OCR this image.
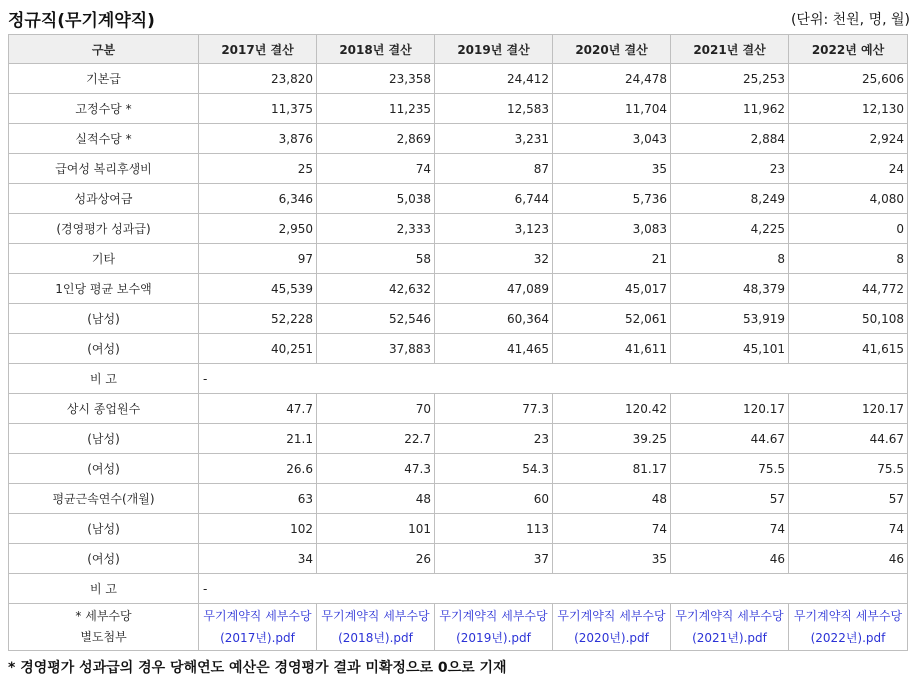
정규직(무기계약직)	(단위: 천원, 명, 월)
구분	2017년 결산	2018년 결산	2019년 결산	2020년 결산	2021년 결산	2022년 예산
기본급	23,820	23,358	24,412	24,478	25,253	25,606
고정수당 *	11,375	11,235	12,583	11,704	11,962	12,130
실적수당 *	3,876	2,869	3,231	3,043	2,884	2,924
급여성 복리후생비	25	74	87	35	23	24
성과상여금	6,346	5,038	6,744	5,736	8,249	4,080
(경영평가 성과급)	2,950	2,333	3,123	3,083	4,225	0
기타	97	58	32	21	8	8
1인당 평균 보수액	45,539	42,632	47,089	45,017	48,379	44,772
(남성)	52,228	52,546	60,364	52,061	53,919	50,108
(여성)	40,251	37,883	41,465	41,611	45,101	41,615
비 고	-					
상시 종업원수	47.7	70	77.3	120.42	120.17	120.17
(남성)	21.1	22.7	23	39.25	44.67	44.67
(여성)	26.6	47.3	54.3	81.17	75.5	75.5
평균근속연수(개월)	63	48	60	48	57	57
(남성)	102	101	113	74	74	74
(여성)	34	26	37	35	46	46
비 고	-					

* 세부수당
별도첨부	무기계약직 세부수당(2017년).pdf	무기계약직 세부수당(2018년).pdf	무기계약직 세부수당(2019년).pdf	무기계약직 세부수당(2020년).pdf	무기계약직 세부수당(2021년).pdf	무기계약직 세부수당(2022년).pdf
* 경영평가 성과급의 경우 당해연도 예산은 경영평가 결과 미확정으로 0으로 기재
